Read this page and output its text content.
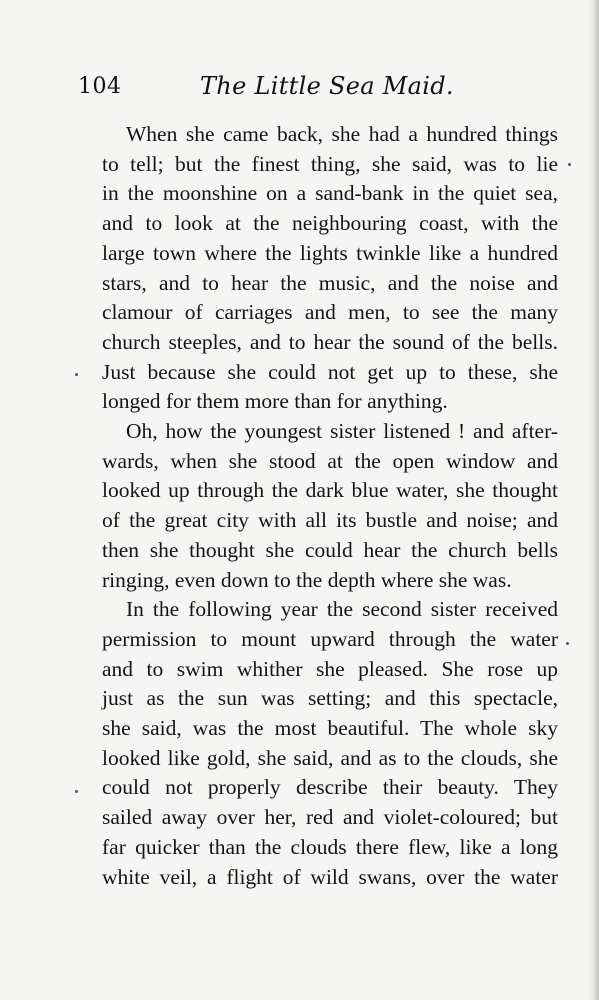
104	The Little Sea Maid.
When she came back, she had a hundred things
to tell; but the finest thing, she said, was to lie
in the moonshine on a sand-bank in the quiet sea,
and to look at the neighbouring coast, with the
large town where the lights twinkle like a hundred
stars, and to hear the music, and the noise and
clamour of carriages and men, to see the many
church steeples, and to hear the sound of the bells.
Just because she could not get up to these, she
longed for them more than for anything.
Oh, how the youngest sister listened ! and after-
wards, when she stood at the open window and
looked up through the dark blue water, she thought
of the great city with all its bustle and noise; and
then she thought she could hear the church bells
ringing, even down to the depth where she was.
In the following year the second sister received
permission to mount upward through the water
and to swim whither she pleased. She rose up
just as the sun was setting; and this spectacle,
she said, was the most beautiful. The whole sky
looked like gold, she said, and as to the clouds, she
could not properly describe their beauty. They
sailed away over her, red and violet-coloured; but
far quicker than the clouds there flew, like a long
white veil, a flight of wild swans, over the water
